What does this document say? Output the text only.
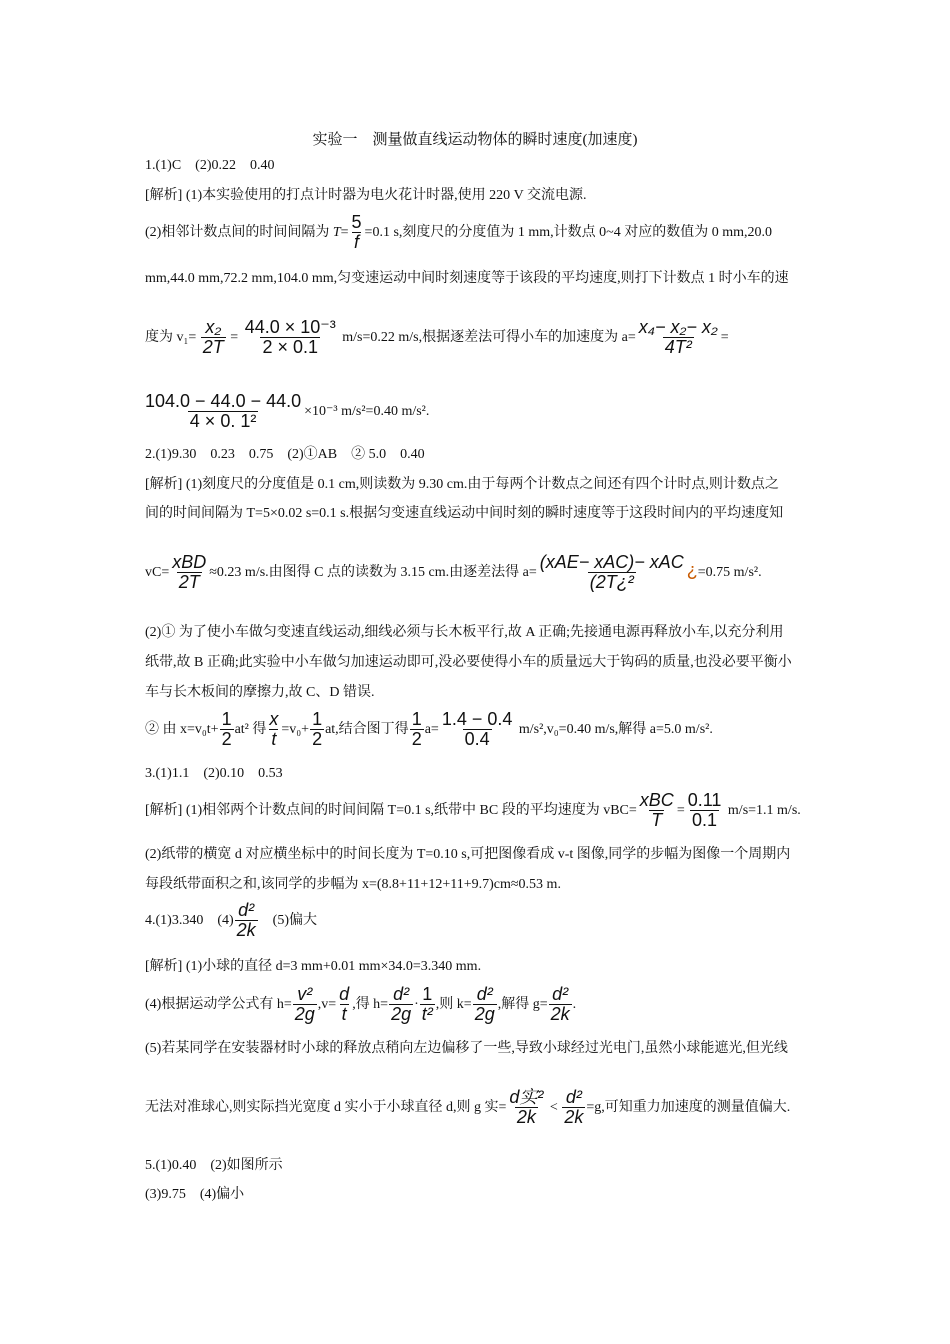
实验一　测量做直线运动物体的瞬时速度(加速度)
1.(1)C　(2)0.22　0.40
[解析] (1)本实验使用的打点计时器为电火花计时器,使用 220 V 交流电源.
(2)相邻计数点间的时间间隔为 $T= \frac{5}{f} =0.1$ s,刻度尺的分度值为 1 mm,计数点 0~4 对应的数值为 0 mm,20.0
mm,44.0 mm,72.2 mm,104.0 mm,匀变速运动中间时刻速度等于该段的平均速度,则打下计数点 1 时小车的速
度为 $v_1= \frac{\text{x₂}}{2T} = \frac{\text{44.0 × 10⁻³}}{2 \times 0.1} m/s=0.22$ m/s,根据逐差法可得小车的加速度为 $a= \frac{\text{x₄− x₂− x₂}}{\text{4T²}}$ =
$\frac{104.0 - 44.0 - 44.0}{\text{4 × 0. 1²}} \times 10^{-3}$ m/s²=0.40 m/s².
2.(1)9.30　0.23　0.75　(2)①AB　② 5.0　0.40
[解析] (1)刻度尺的分度值是 0.1 cm,则读数为 9.30 cm.由于每两个计数点之间还有四个计时点,则计数点之
间的时间间隔为 T=5×0.02 s=0.1 s.根据匀变速直线运动中间时刻的瞬时速度等于这段时间内的平均速度知
vC=
xBD
2T ≈0.23 m/s.由图得 C 点的读数为 3.15 cm.由逐差法得 a=
(xAE− xAC)− xAC
(2T¿²
¿=0.75 m/s².
(2)① 为了使小车做匀变速直线运动,细线必须与长木板平行,故 A 正确;先接通电源再释放小车,以充分利用
纸带,故 B 正确;此实验中小车做匀加速运动即可,没必要使得小车的质量远大于钩码的质量,也没必要平衡小
车与长木板间的摩擦力,故 C、D 错误.
② 由 $x=v_0t+ \frac{1}{2} at^2$ 得 $\frac{x}{t} =v_0+ \frac{1}{2}$ at,结合图丁得 $\frac{1}{2} a= \frac{1.4 - 0.4}{0.4} m/s^2,v_0=0.40$ m/s,解得 a=5.0 m/s².
3.(1)1.1　(2)0.10　0.53
[解析] (1)相邻两个计数点间的时间间隔 T=0.1 s,纸带中 BC 段的平均速度为 vBC=
xBC
$T = \frac{0.11}{0.1} m/s=1.1$ m/s.
(2)纸带的横宽 d 对应横坐标中的时间长度为 T=0.10 s,可把图像看成 v-t 图像,同学的步幅为图像一个周期内
每段纸带面积之和,该同学的步幅为 x=(8.8+11+12+11+9.7)cm≈0.53 m.
4.(1)3.340　$(4) \frac{\text{d²}}{2k}$ 　(5)偏大
[解析] (1)小球的直径 d=3 mm+0.01 mm×34.0=3.340 mm.
(4)根据运动学公式有 $h= \frac{\text{v²}}{2g} ,v= \frac{d}{t}$ ,得 $h= \frac{\text{d²}}{2g} \cdot \frac{1}{\text{t²}}$ ,则 $k= \frac{\text{d²}}{2g}$ ,解得 $g= \frac{\text{d²}}{2k}$ .
(5)若某同学在安装器材时小球的释放点稍向左边偏移了一些,导致小球经过光电门,虽然小球能遮光,但光线
无法对准球心,则实际挡光宽度 d 实小于小球直径 d,则 g 实=
d实²
$2k < \frac{\text{d²}}{2k} =g$,可知重力加速度的测量值偏大.
5.(1)0.40　(2)如图所示
(3)9.75　(4)偏小
